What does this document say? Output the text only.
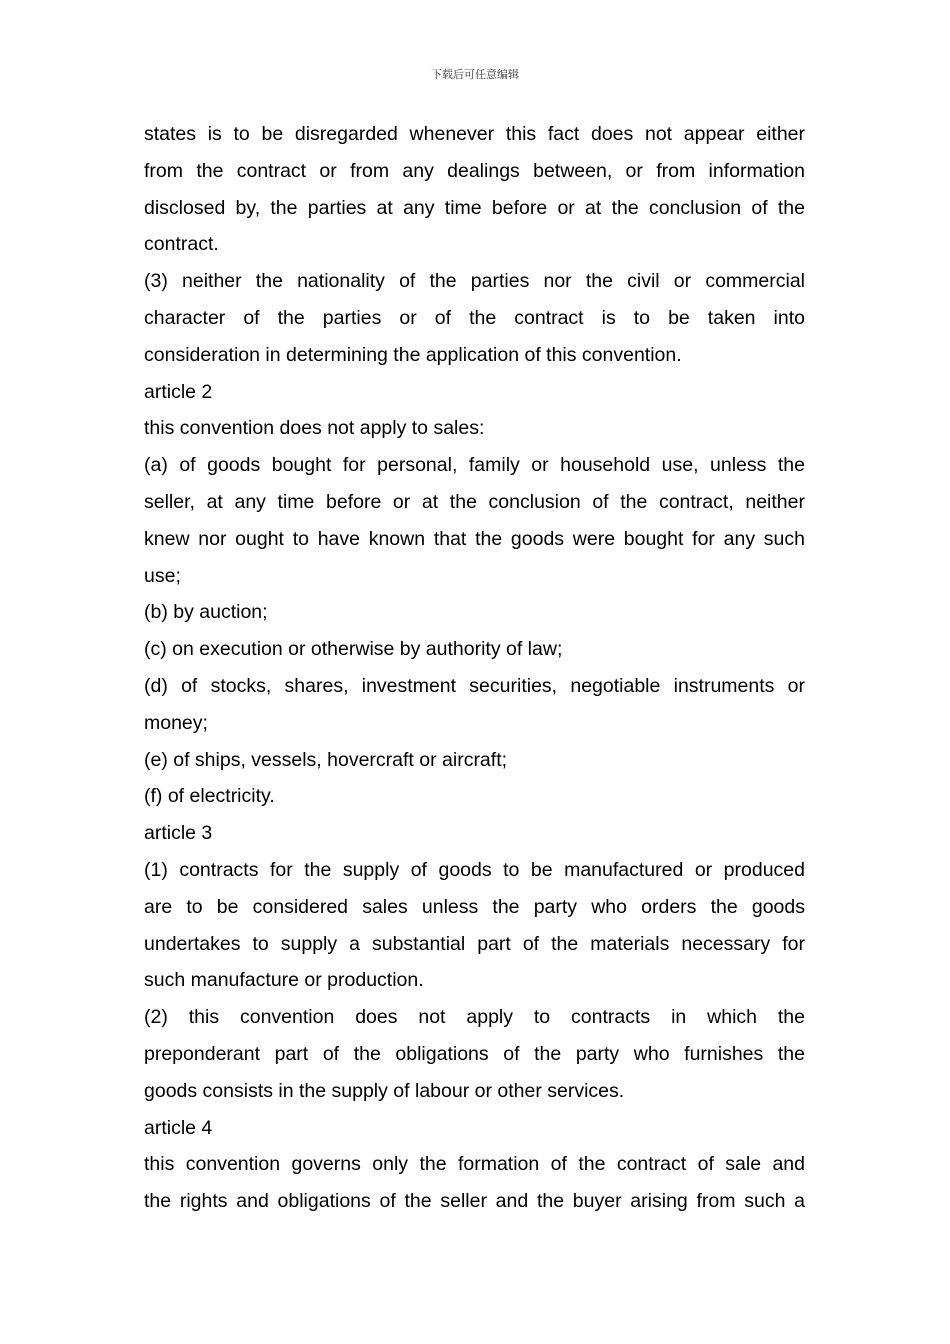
下载后可任意编辑
states is to be disregarded whenever this fact does not appear either
from the contract or from any dealings between, or from information
disclosed by, the parties at any time before or at the conclusion of the
contract.
(3) neither the nationality of the parties nor the civil or commercial
character of the parties or of the contract is to be taken into
consideration in determining the application of this convention.
article 2
this convention does not apply to sales:
(a) of goods bought for personal, family or household use, unless the
seller, at any time before or at the conclusion of the contract, neither
knew nor ought to have known that the goods were bought for any such
use;
(b) by auction;
(c) on execution or otherwise by authority of law;
(d) of stocks, shares, investment securities, negotiable instruments or
money;
(e) of ships, vessels, hovercraft or aircraft;
(f) of electricity.
article 3
(1) contracts for the supply of goods to be manufactured or produced
are to be considered sales unless the party who orders the goods
undertakes to supply a substantial part of the materials necessary for
such manufacture or production.
(2) this convention does not apply to contracts in which the
preponderant part of the obligations of the party who furnishes the
goods consists in the supply of labour or other services.
article 4
this convention governs only the formation of the contract of sale and
the rights and obligations of the seller and the buyer arising from such a
